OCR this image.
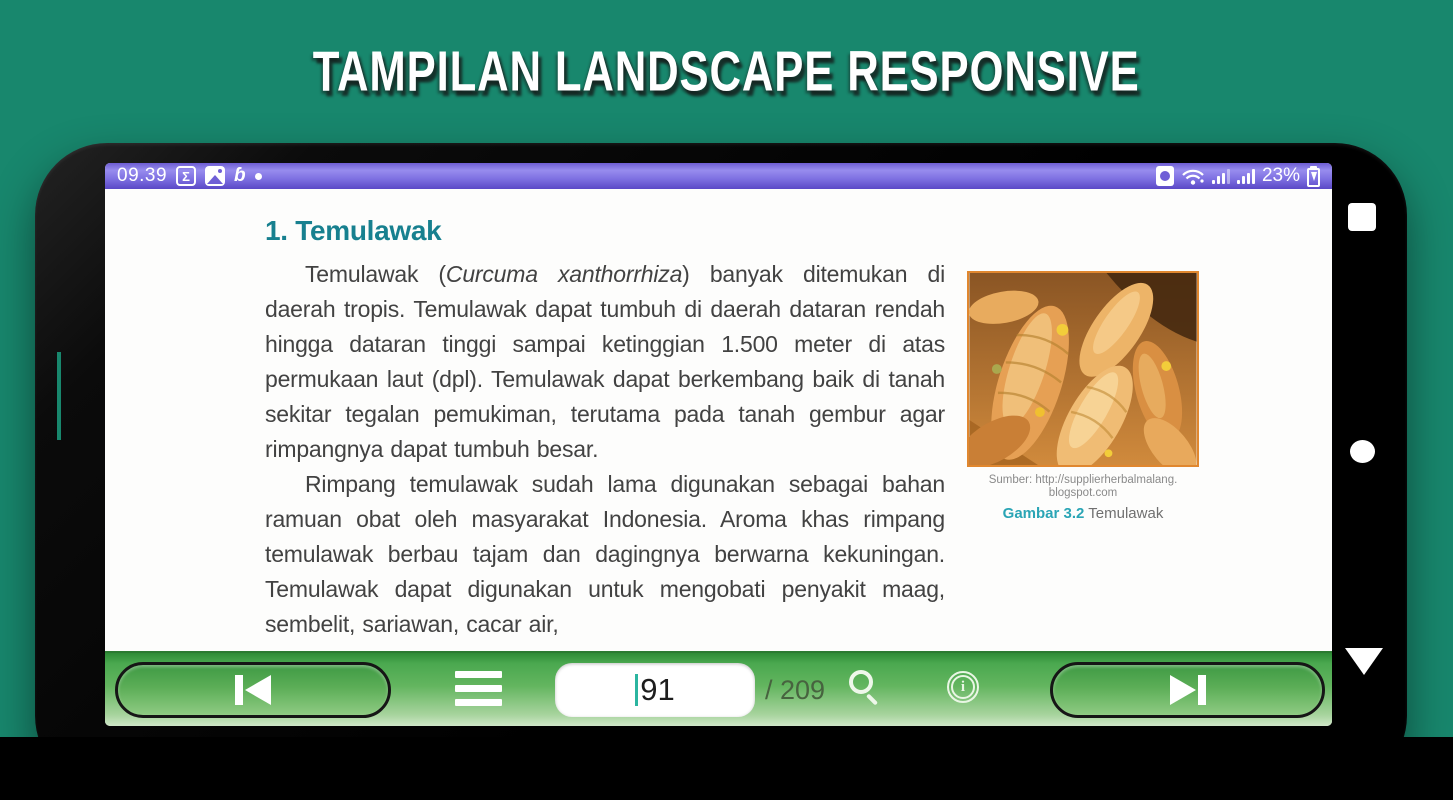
TAMPILAN LANDSCAPE RESPONSIVE
09.39	Σ	ɓ	23%
1. Temulawak

Temulawak (Curcuma xanthorrhiza) banyak ditemukan di daerah tropis. Temulawak dapat tumbuh di daerah dataran rendah hingga dataran tinggi sampai ketinggian 1.500 meter di atas permukaan laut (dpl). Temulawak dapat berkembang baik di tanah sekitar tegalan pemukiman, terutama pada tanah gembur agar rimpangnya dapat tumbuh besar.

Rimpang temulawak sudah lama digunakan sebagai bahan ramuan obat oleh masyarakat Indonesia. Aroma khas rimpang temulawak berbau tajam dan dagingnya berwarna kekuningan. Temulawak dapat digunakan untuk mengobati penyakit maag, sembelit, sariawan, cacar air,

Sumber: http://supplierherbalmalang.
blogspot.com
Gambar 3.2 Temulawak
91	/ 209	i
